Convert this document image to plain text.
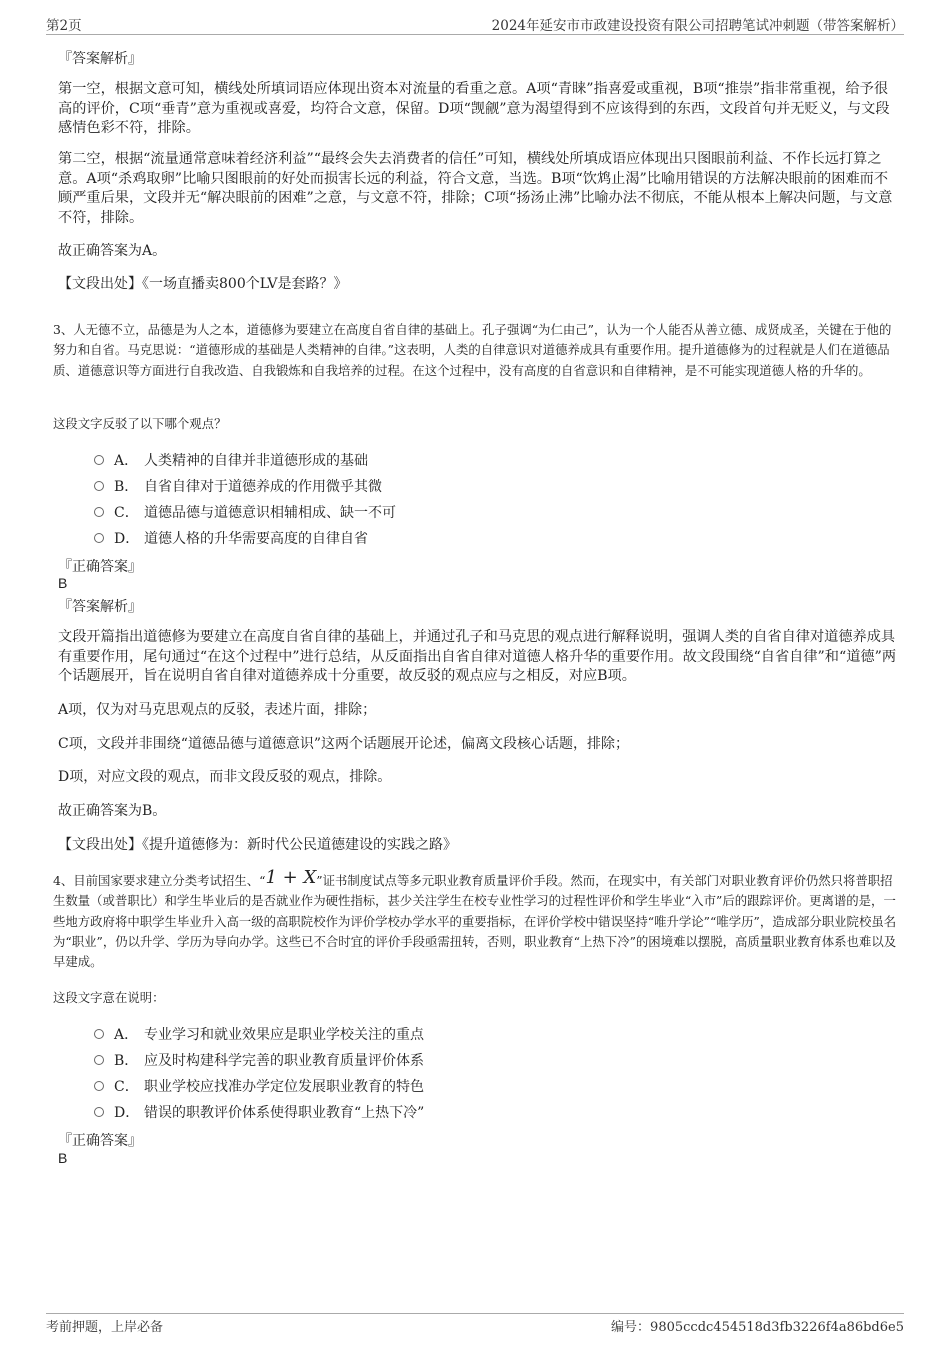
第2页	2024年延安市市政建设投资有限公司招聘笔试冲刺题（带答案解析）
『答案解析』

第一空，根据文意可知，横线处所填词语应体现出资本对流量的看重之意。A项“青睐”指喜爱或重视，B项“推崇”指非常重视，给予很高的评价，C项“垂青”意为重视或喜爱，均符合文意，保留。D项“觊觎”意为渴望得到不应该得到的东西，文段首句并无贬义，与文段感情色彩不符，排除。

第二空，根据“流量通常意味着经济利益”“最终会失去消费者的信任”可知，横线处所填成语应体现出只图眼前利益、不作长远打算之意。A项“杀鸡取卵”比喻只图眼前的好处而损害长远的利益，符合文意，当选。B项“饮鸩止渴”比喻用错误的方法解决眼前的困难而不顾严重后果，文段并无“解决眼前的困难”之意，与文意不符，排除；C项“扬汤止沸”比喻办法不彻底，不能从根本上解决问题，与文意不符，排除。

故正确答案为A。
【文段出处】《一场直播卖800个LV是套路？》

3、人无德不立，品德是为人之本，道德修为要建立在高度自省自律的基础上。孔子强调“为仁由己”，认为一个人能否从善立德、成贤成圣，关键在于他的努力和自省。马克思说：“道德形成的基础是人类精神的自律。”这表明，人类的自律意识对道德养成具有重要作用。提升道德修为的过程就是人们在道德品质、道德意识等方面进行自我改造、自我锻炼和自我培养的过程。在这个过程中，没有高度的自省意识和自律精神，是不可能实现道德人格的升华的。

这段文字反驳了以下哪个观点？
A． 人类精神的自律并非道德形成的基础
B． 自省自律对于道德养成的作用微乎其微
C． 道德品德与道德意识相辅相成、缺一不可
D． 道德人格的升华需要高度的自律自省
『正确答案』
B
『答案解析』

文段开篇指出道德修为要建立在高度自省自律的基础上，并通过孔子和马克思的观点进行解释说明，强调人类的自省自律对道德养成具有重要作用，尾句通过“在这个过程中”进行总结，从反面指出自省自律对道德人格升华的重要作用。故文段围绕“自省自律”和“道德”两个话题展开，旨在说明自省自律对道德养成十分重要，故反驳的观点应与之相反，对应B项。

A项，仅为对马克思观点的反驳，表述片面，排除；
C项，文段并非围绕“道德品德与道德意识”这两个话题展开论述，偏离文段核心话题，排除；
D项，对应文段的观点，而非文段反驳的观点，排除。
故正确答案为B。
【文段出处】《提升道德修为：新时代公民道德建设的实践之路》

4、目前国家要求建立分类考试招生、“1 + X”证书制度试点等多元职业教育质量评价手段。然而，在现实中，有关部门对职业教育评价仍然只将普职招生数量（或普职比）和学生毕业后的是否就业作为硬性指标，甚少关注学生在校专业性学习的过程性评价和学生毕业“入市”后的跟踪评价。更离谱的是，一些地方政府将中职学生毕业升入高一级的高职院校作为评价学校办学水平的重要指标，在评价学校中错误坚持“唯升学论”“唯学历”，造成部分职业院校虽名为“职业”，仍以升学、学历为导向办学。这些已不合时宜的评价手段亟需扭转，否则，职业教育“上热下冷”的困境难以摆脱，高质量职业教育体系也难以及早建成。

这段文字意在说明：
A． 专业学习和就业效果应是职业学校关注的重点
B． 应及时构建科学完善的职业教育质量评价体系
C． 职业学校应找准办学定位发展职业教育的特色
D． 错误的职教评价体系使得职业教育“上热下冷”
『正确答案』
B
考前押题，上岸必备	编号：9805ccdc454518d3fb3226f4a86bd6e5
